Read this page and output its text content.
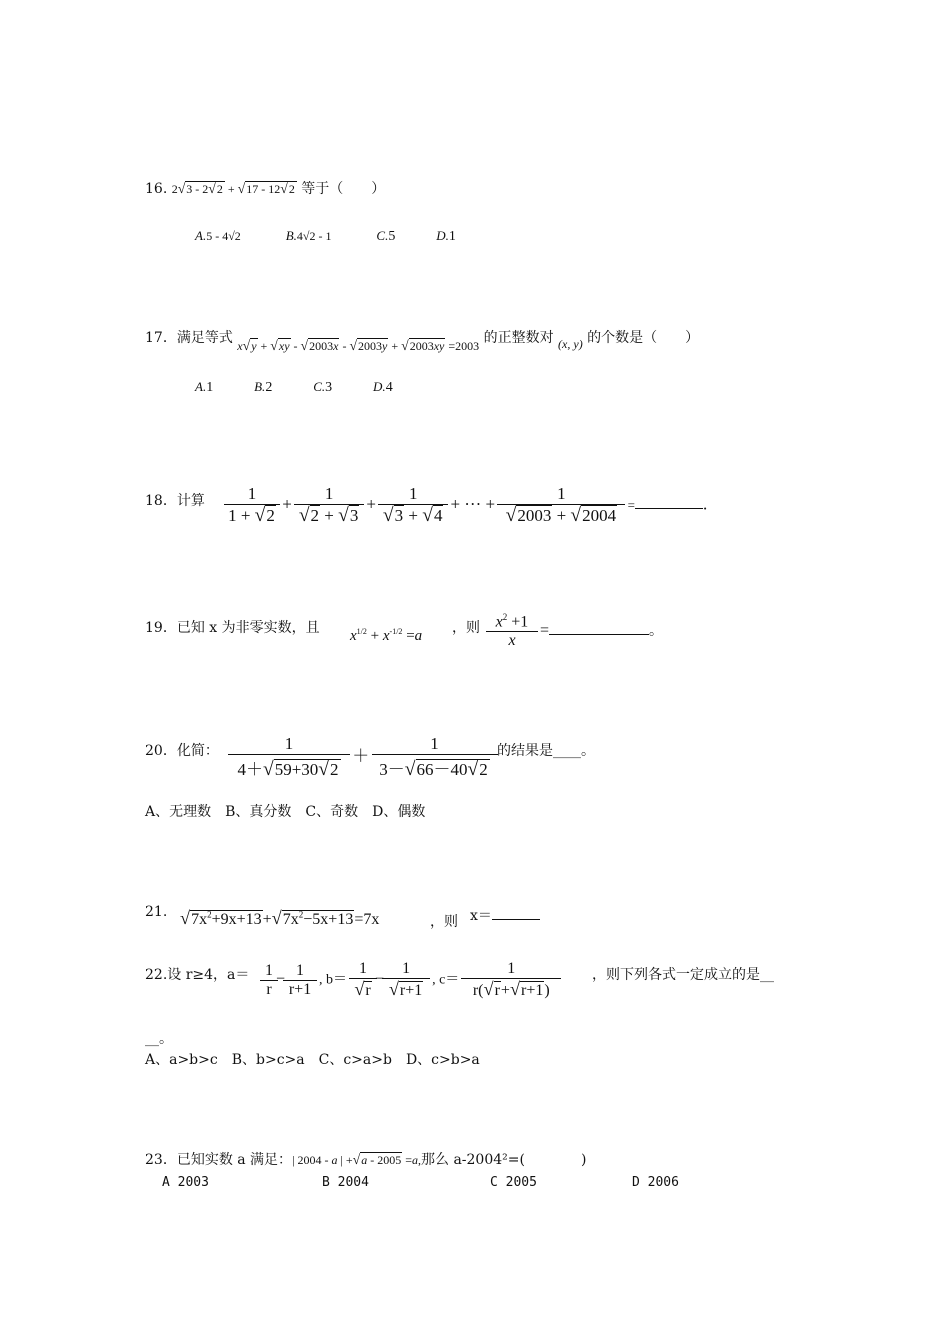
16. 2√3 - 2√2 + √17 - 12√2 等于（　　）
A.5 - 4√2	B.4√2 - 1	C.5	D.1
17．满足等式 x√y + √xy - √2003x - √2003y + √2003xy =2003 的正整数对 (x, y) 的个数是（　　）
A.1	B.2	C.3	D.4
18．计算 $\frac{1}{1 + √2} + \frac{1}{√2 + √3} + \frac{1}{√3 + √4}$ + ··· + $\frac{1}{√2003 + √2004}$ =	.
19．已知 x 为非零实数，且 $x^{1/2} + x^{-1/2} =a$ ，则 $\frac{x^2 +1}{x}$ =	。
20．化简： $\frac{1}{4+√59+30√2} + \frac{1}{3-√66-40√2}$ 的结果是____。
A、无理数　B、真分数　C、奇数　D、偶数
21. $√7x^2+9x+13+√7x^2-5x+13=7x$	，则 x＝
22.设 r≥4，$a= \frac{1}{r} - \frac{1}{r+1}$ , $b= \frac{1}{√r} - \frac{1}{√r+1}$ , $c= \frac{1}{r(√r+√r+1)}$ ，则下列各式一定成立的是__
__。
A、a>b>c　B、b>c>a　C、c>a>b　D、c>b>a
23．已知实数 a 满足：| 2004 - a | +√a - 2005 =a,那么 a-2004²=(　　　　)
A 2003	B 2004	C 2005	D 2006
